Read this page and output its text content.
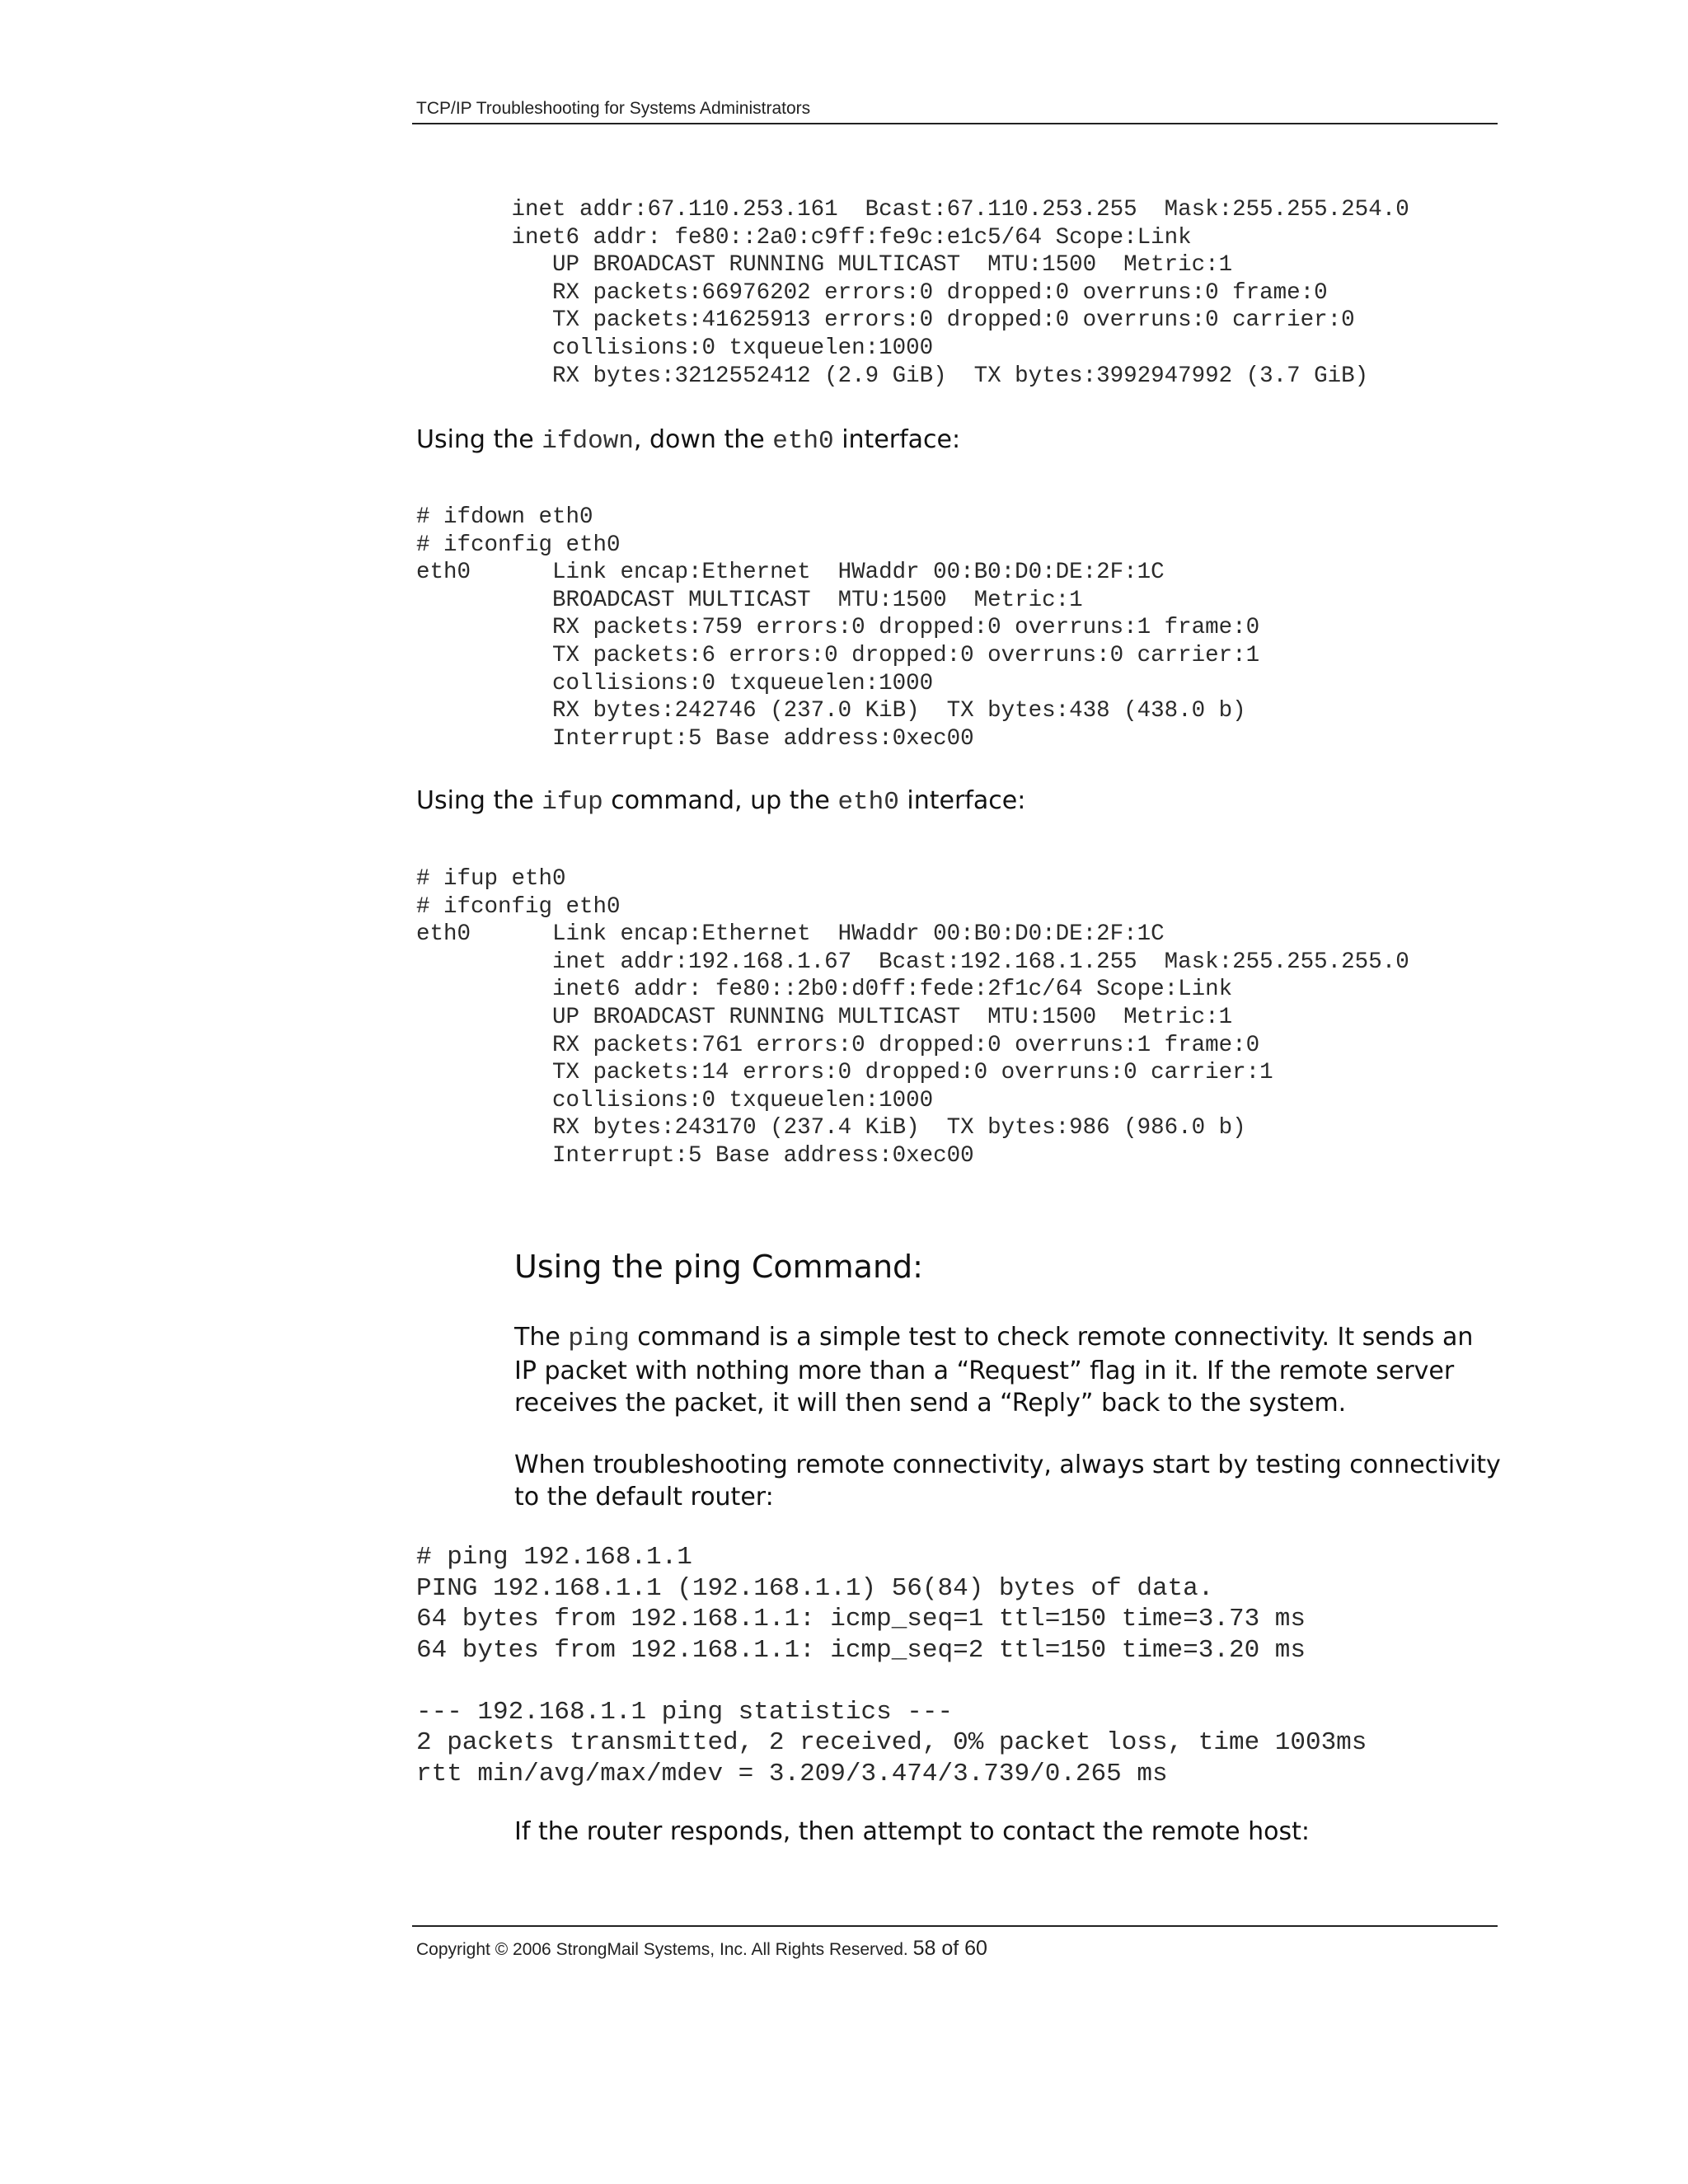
TCP/IP Troubleshooting for Systems Administrators
inet addr:67.110.253.161  Bcast:67.110.253.255  Mask:255.255.254.0
inet6 addr: fe80::2a0:c9ff:fe9c:e1c5/64 Scope:Link
UP BROADCAST RUNNING MULTICAST  MTU:1500  Metric:1
RX packets:66976202 errors:0 dropped:0 overruns:0 frame:0
TX packets:41625913 errors:0 dropped:0 overruns:0 carrier:0
collisions:0 txqueuelen:1000
RX bytes:3212552412 (2.9 GiB)  TX bytes:3992947992 (3.7 GiB)

Using the ifdown, down the eth0 interface:

# ifdown eth0
# ifconfig eth0
eth0      Link encap:Ethernet  HWaddr 00:B0:D0:DE:2F:1C
BROADCAST MULTICAST  MTU:1500  Metric:1
RX packets:759 errors:0 dropped:0 overruns:1 frame:0
TX packets:6 errors:0 dropped:0 overruns:0 carrier:1
collisions:0 txqueuelen:1000
RX bytes:242746 (237.0 KiB)  TX bytes:438 (438.0 b)
Interrupt:5 Base address:0xec00

Using the ifup command, up the eth0 interface:

# ifup eth0
# ifconfig eth0
eth0      Link encap:Ethernet  HWaddr 00:B0:D0:DE:2F:1C
inet addr:192.168.1.67  Bcast:192.168.1.255  Mask:255.255.255.0
inet6 addr: fe80::2b0:d0ff:fede:2f1c/64 Scope:Link
UP BROADCAST RUNNING MULTICAST  MTU:1500  Metric:1
RX packets:761 errors:0 dropped:0 overruns:1 frame:0
TX packets:14 errors:0 dropped:0 overruns:0 carrier:1
collisions:0 txqueuelen:1000
RX bytes:243170 (237.4 KiB)  TX bytes:986 (986.0 b)
Interrupt:5 Base address:0xec00
Using the ping Command:
The ping command is a simple test to check remote connectivity. It sends an
IP packet with nothing more than a “Request” flag in it. If the remote server
receives the packet, it will then send a “Reply” back to the system.
When troubleshooting remote connectivity, always start by testing connectivity
to the default router:
# ping 192.168.1.1
PING 192.168.1.1 (192.168.1.1) 56(84) bytes of data.
64 bytes from 192.168.1.1: icmp_seq=1 ttl=150 time=3.73 ms
64 bytes from 192.168.1.1: icmp_seq=2 ttl=150 time=3.20 ms
--- 192.168.1.1 ping statistics ---
2 packets transmitted, 2 received, 0% packet loss, time 1003ms
rtt min/avg/max/mdev = 3.209/3.474/3.739/0.265 ms

If the router responds, then attempt to contact the remote host:

Copyright © 2006 StrongMail Systems, Inc. All Rights Reserved. 58 of 60
